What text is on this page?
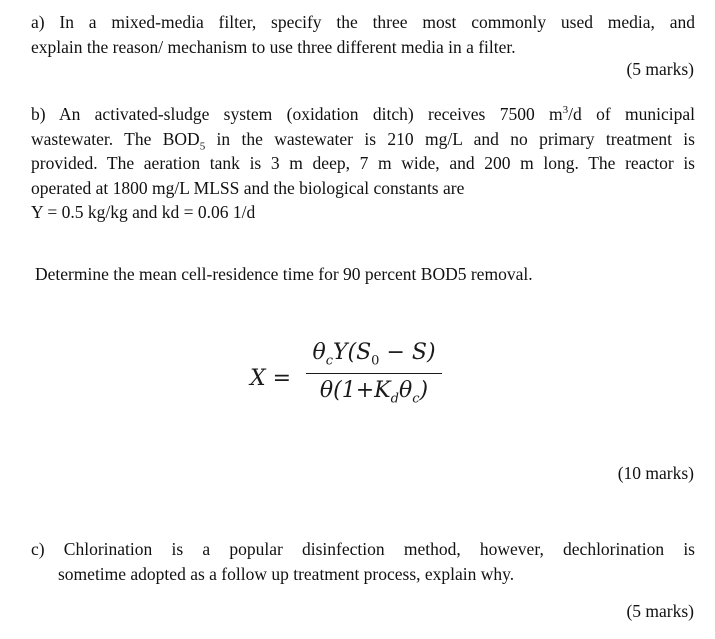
a) In a mixed-media filter, specify the three most commonly used media, and
explain the reason/ mechanism to use three different media in a filter.
(5 marks)
b) An activated-sludge system (oxidation ditch) receives 7500 $m^3/d$ of municipal
wastewater. The $BOD_5$ in the wastewater is 210 mg/L and no primary treatment is
provided. The aeration tank is 3 m deep, 7 m wide, and 200 m long. The reactor is
operated at 1800 mg/L MLSS and the biological constants are
Y = 0.5 kg/kg and kd = 0.06 1/d
Determine the mean cell-residence time for 90 percent BOD5 removal.
X =
$\theta_cY(S_0 - S)$
$\theta(1+K_d\theta_c)$
(10 marks)
c) Chlorination is a popular disinfection method, however, dechlorination is
sometime adopted as a follow up treatment process, explain why.
(5 marks)
